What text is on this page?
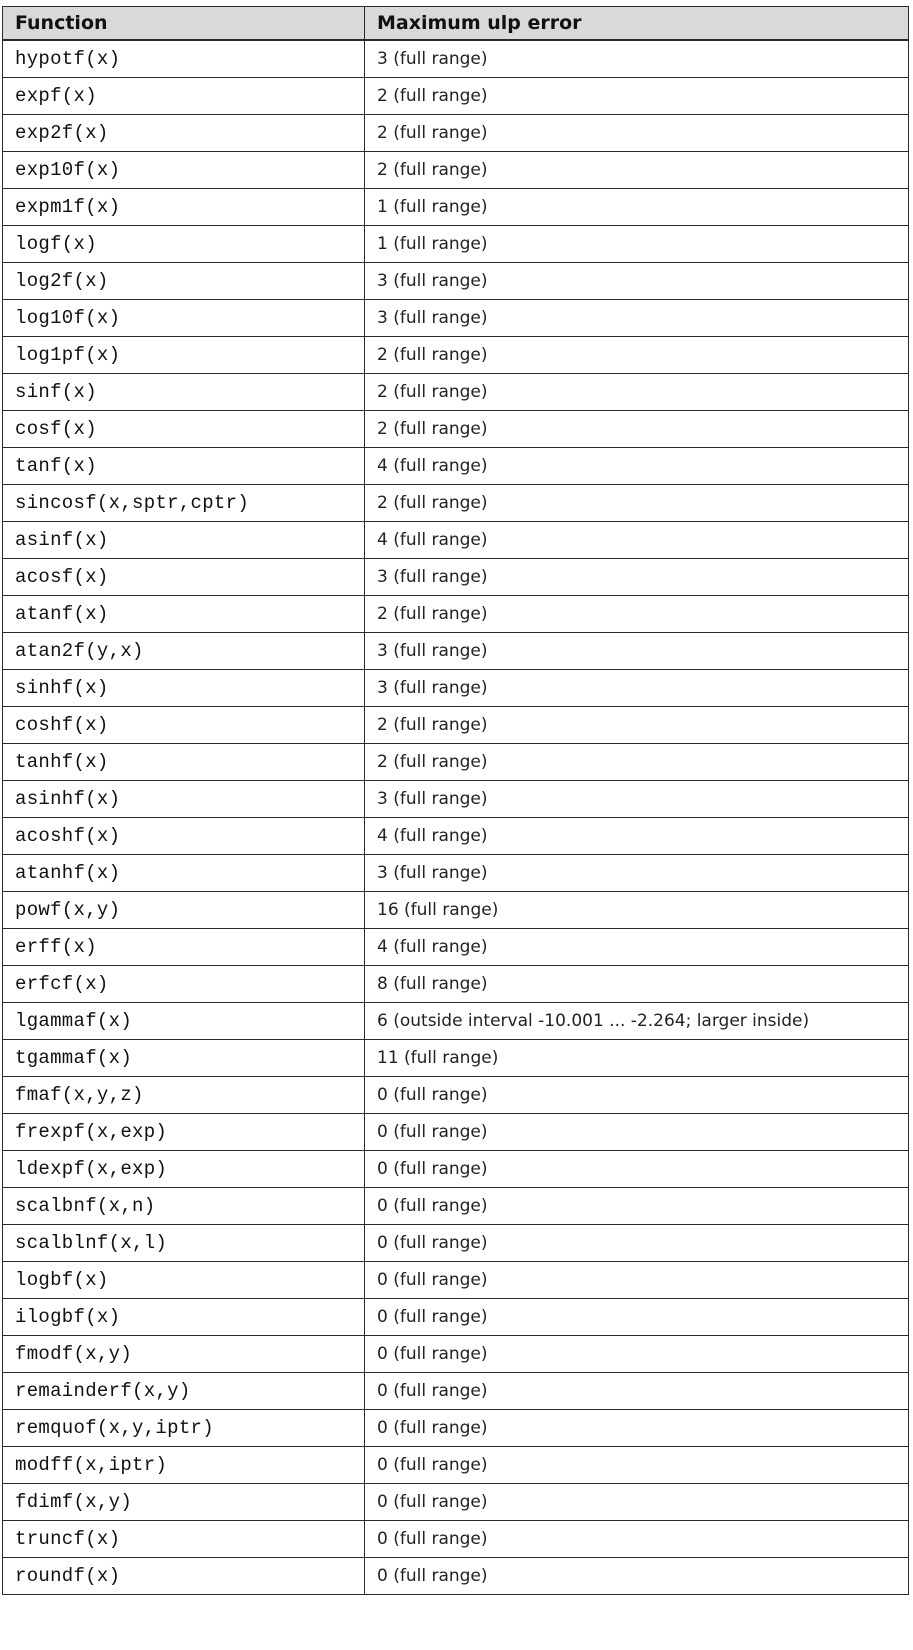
Function	Maximum ulp error
hypotf(x)	3 (full range)
expf(x)	2 (full range)
exp2f(x)	2 (full range)
exp10f(x)	2 (full range)
expm1f(x)	1 (full range)
logf(x)	1 (full range)
log2f(x)	3 (full range)
log10f(x)	3 (full range)
log1pf(x)	2 (full range)
sinf(x)	2 (full range)
cosf(x)	2 (full range)
tanf(x)	4 (full range)
sincosf(x,sptr,cptr)	2 (full range)
asinf(x)	4 (full range)
acosf(x)	3 (full range)
atanf(x)	2 (full range)
atan2f(y,x)	3 (full range)
sinhf(x)	3 (full range)
coshf(x)	2 (full range)
tanhf(x)	2 (full range)
asinhf(x)	3 (full range)
acoshf(x)	4 (full range)
atanhf(x)	3 (full range)
powf(x,y)	16 (full range)
erff(x)	4 (full range)
erfcf(x)	8 (full range)
lgammaf(x)	6 (outside interval -10.001 ... -2.264; larger inside)
tgammaf(x)	11 (full range)
fmaf(x,y,z)	0 (full range)
frexpf(x,exp)	0 (full range)
ldexpf(x,exp)	0 (full range)
scalbnf(x,n)	0 (full range)
scalblnf(x,l)	0 (full range)
logbf(x)	0 (full range)
ilogbf(x)	0 (full range)
fmodf(x,y)	0 (full range)
remainderf(x,y)	0 (full range)
remquof(x,y,iptr)	0 (full range)
modff(x,iptr)	0 (full range)
fdimf(x,y)	0 (full range)
truncf(x)	0 (full range)
roundf(x)	0 (full range)
